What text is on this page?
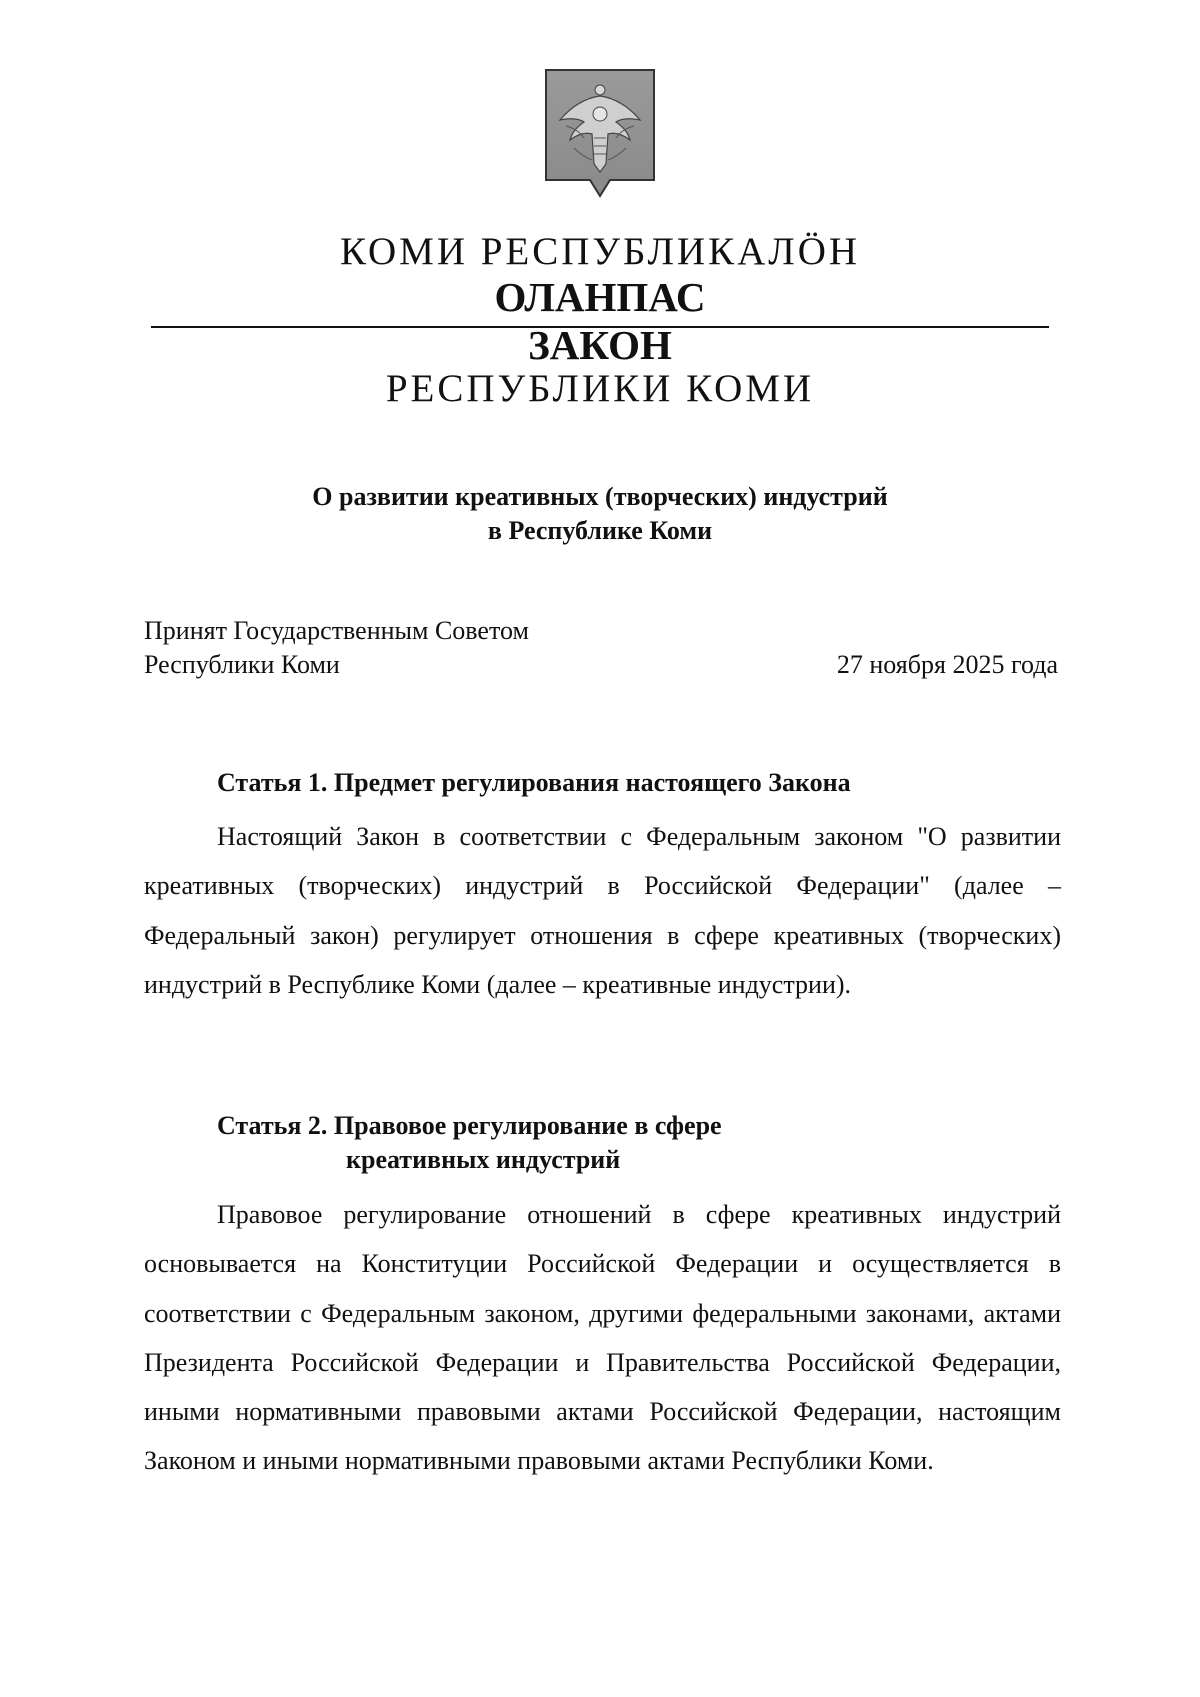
КОМИ РЕСПУБЛИКАЛӦН
ОЛАНПАС
ЗАКОН
РЕСПУБЛИКИ КОМИ
О развитии креативных (творческих) индустрий
в Республике Коми
Принят Государственным Советом
Республики Коми	27 ноября 2025 года
Статья 1. Предмет регулирования настоящего Закона

Настоящий Закон в соответствии с Федеральным законом "О развитии креативных (творческих) индустрий в Российской Федерации" (далее – Федеральный закон) регулирует отношения в сфере креативных (творческих) индустрий в Республике Коми (далее – креативные индустрии).

Статья 2. Правовое регулирование в сфере
креативных индустрий

Правовое регулирование отношений в сфере креативных индустрий основывается на Конституции Российской Федерации и осуществляется в соответствии с Федеральным законом, другими федеральными законами, актами Президента Российской Федерации и Правительства Российской Федерации, иными нормативными правовыми актами Российской Федерации, настоящим Законом и иными нормативными правовыми актами Республики Коми.
